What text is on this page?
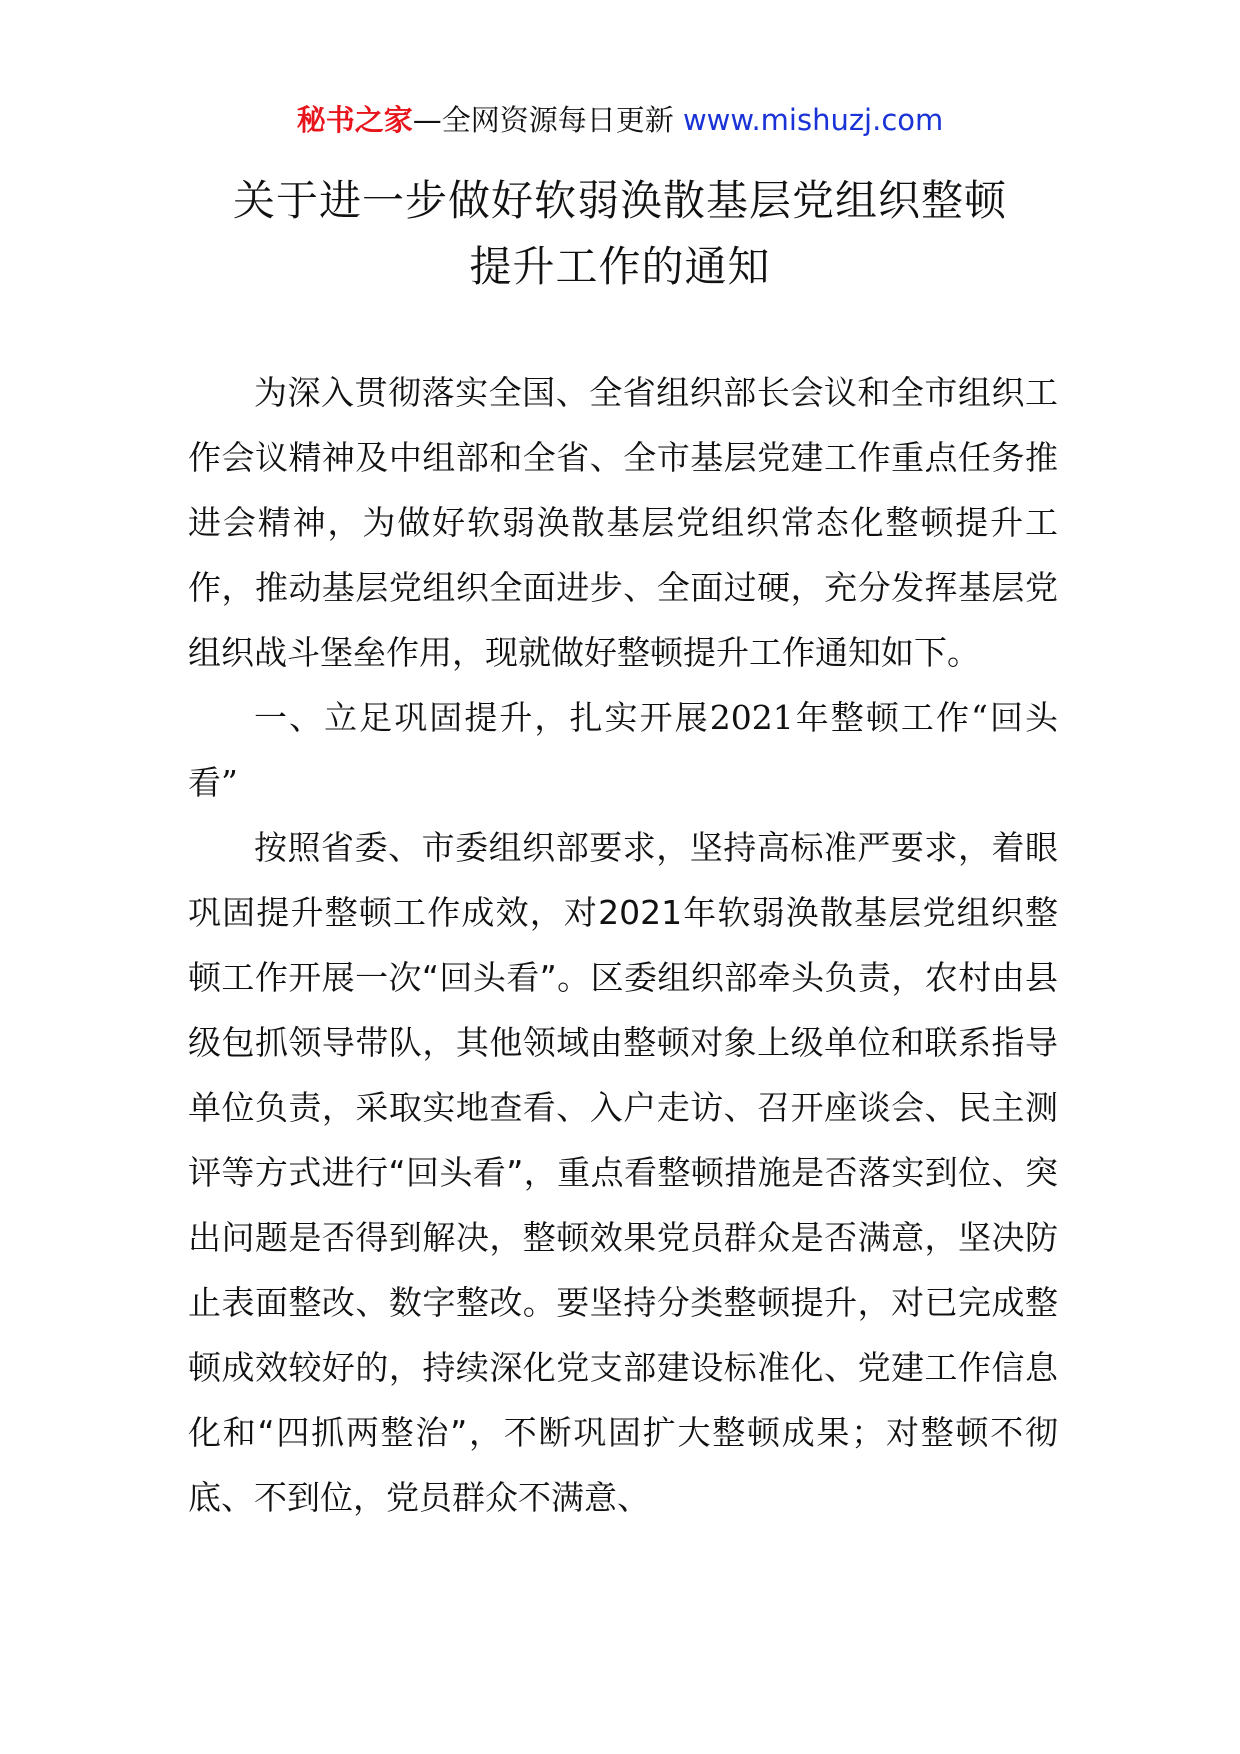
秘书之家—全网资源每日更新 www.mishuzj.com
关于进一步做好软弱涣散基层党组织整顿
提升工作的通知

为深入贯彻落实全国、全省组织部长会议和全市组织工作会议精神及中组部和全省、全市基层党建工作重点任务推进会精神，为做好软弱涣散基层党组织常态化整顿提升工作，推动基层党组织全面进步、全面过硬，充分发挥基层党组织战斗堡垒作用，现就做好整顿提升工作通知如下。

一、立足巩固提升，扎实开展2021年整顿工作“回头看”

按照省委、市委组织部要求，坚持高标准严要求，着眼巩固提升整顿工作成效，对2021年软弱涣散基层党组织整顿工作开展一次“回头看”。区委组织部牵头负责，农村由县级包抓领导带队，其他领域由整顿对象上级单位和联系指导单位负责，采取实地查看、入户走访、召开座谈会、民主测评等方式进行“回头看”，重点看整顿措施是否落实到位、突出问题是否得到解决，整顿效果党员群众是否满意，坚决防止表面整改、数字整改。要坚持分类整顿提升，对已完成整顿成效较好的，持续深化党支部建设标准化、党建工作信息化和“四抓两整治”，不断巩固扩大整顿成果；对整顿不彻底、不到位，党员群众不满意、
